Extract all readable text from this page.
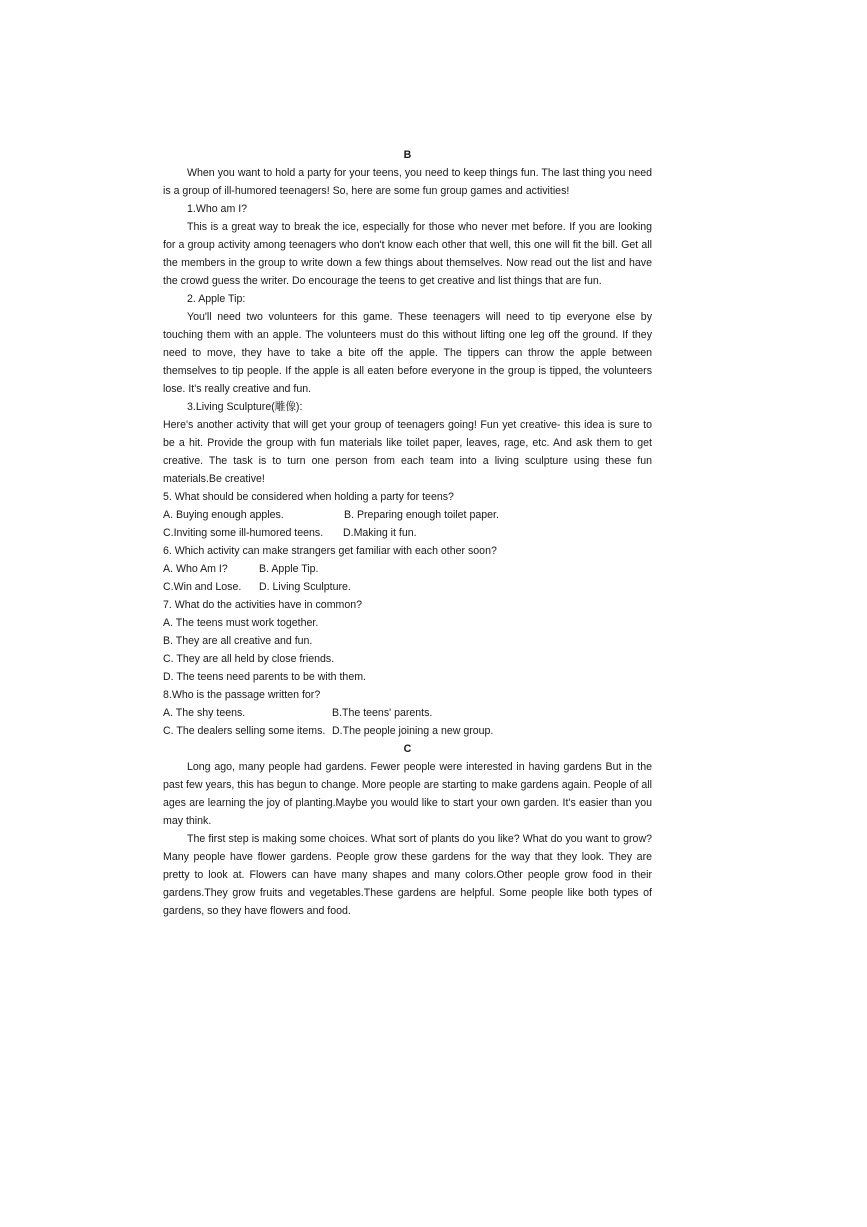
B

When you want to hold a party for your teens, you need to keep things fun. The last thing you need is a group of ill-humored teenagers! So, here are some fun group games and activities!

1.Who am I?

This is a great way to break the ice, especially for those who never met before. If you are looking for a group activity among teenagers who don't know each other that well, this one will fit the bill. Get all the members in the group to write down a few things about themselves. Now read out the list and have the crowd guess the writer. Do encourage the teens to get creative and list things that are fun.

2. Apple Tip:

You'll need two volunteers for this game. These teenagers will need to tip everyone else by touching them with an apple. The volunteers must do this without lifting one leg off the ground. If they need to move, they have to take a bite off the apple. The tippers can throw the apple between themselves to tip people. If the apple is all eaten before everyone in the group is tipped, the volunteers lose. It's really creative and fun.

3.Living Sculpture(雕像):

Here's another activity that will get your group of teenagers going! Fun yet creative- this idea is sure to be a hit. Provide the group with fun materials like toilet paper, leaves, rage, etc. And ask them to get creative. The task is to turn one person from each team into a living sculpture using these fun materials.Be creative!

5. What should be considered when holding a party for teens?

A. Buying enough apples.	B. Preparing enough toilet paper.
C.Inviting some ill-humored teens.	D.Making it fun.

6. Which activity can make strangers get familiar with each other soon?

A. Who Am I?	B. Apple Tip.
C.Win and Lose.	D. Living Sculpture.

7. What do the activities have in common?

A. The teens must work together.

B. They are all creative and fun.

C. They are all held by close friends.

D. The teens need parents to be with them.

8.Who is the passage written for?

A. The shy teens.	B.The teens' parents.
C. The dealers selling some items. D.The people joining a new group.

C

Long ago, many people had gardens. Fewer people were interested in having gardens But in the past few years, this has begun to change. More people are starting to make gardens again. People of all ages are learning the joy of planting.Maybe you would like to start your own garden. It's easier than you may think.

The first step is making some choices. What sort of plants do you like? What do you want to grow? Many people have flower gardens. People grow these gardens for the way that they look. They are pretty to look at. Flowers can have many shapes and many colors.Other people grow food in their gardens.They grow fruits and vegetables.These gardens are helpful. Some people like both types of gardens, so they have flowers and food.
